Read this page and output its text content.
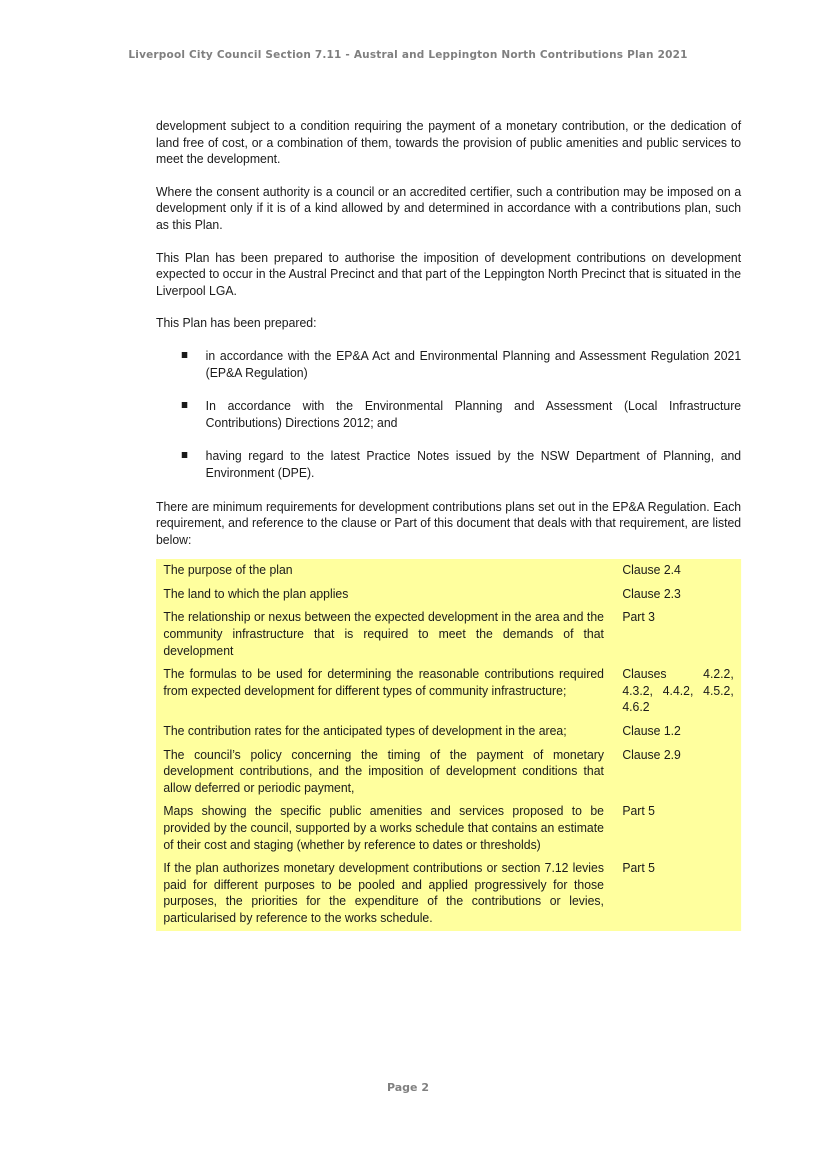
Liverpool City Council Section 7.11 - Austral and Leppington North Contributions Plan 2021

development subject to a condition requiring the payment of a monetary contribution, or the dedication of land free of cost, or a combination of them, towards the provision of public amenities and public services to meet the development.

Where the consent authority is a council or an accredited certifier, such a contribution may be imposed on a development only if it is of a kind allowed by and determined in accordance with a contributions plan, such as this Plan.

This Plan has been prepared to authorise the imposition of development contributions on development expected to occur in the Austral Precinct and that part of the Leppington North Precinct that is situated in the Liverpool LGA.

This Plan has been prepared:

in accordance with the EP&A Act and Environmental Planning and Assessment Regulation 2021 (EP&A Regulation)
In accordance with the Environmental Planning and Assessment (Local Infrastructure Contributions) Directions 2012; and
having regard to the latest Practice Notes issued by the NSW Department of Planning, and Environment (DPE).

There are minimum requirements for development contributions plans set out in the EP&A Regulation. Each requirement, and reference to the clause or Part of this document that deals with that requirement, are listed below:

The purpose of the plan	Clause 2.4
The land to which the plan applies	Clause 2.3
The relationship or nexus between the expected development in the area and the community infrastructure that is required to meet the demands of that development	Part 3
The formulas to be used for determining the reasonable contributions required from expected development for different types of community infrastructure;	Clauses 4.2.2, 4.3.2, 4.4.2, 4.5.2, 4.6.2
The contribution rates for the anticipated types of development in the area;	Clause 1.2
The council’s policy concerning the timing of the payment of monetary development contributions, and the imposition of development conditions that allow deferred or periodic payment,	Clause 2.9
Maps showing the specific public amenities and services proposed to be provided by the council, supported by a works schedule that contains an estimate of their cost and staging (whether by reference to dates or thresholds)	Part 5
If the plan authorizes monetary development contributions or section 7.12 levies paid for different purposes to be pooled and applied progressively for those purposes, the priorities for the expenditure of the contributions or levies, particularised by reference to the works schedule.	Part 5
Page 2
